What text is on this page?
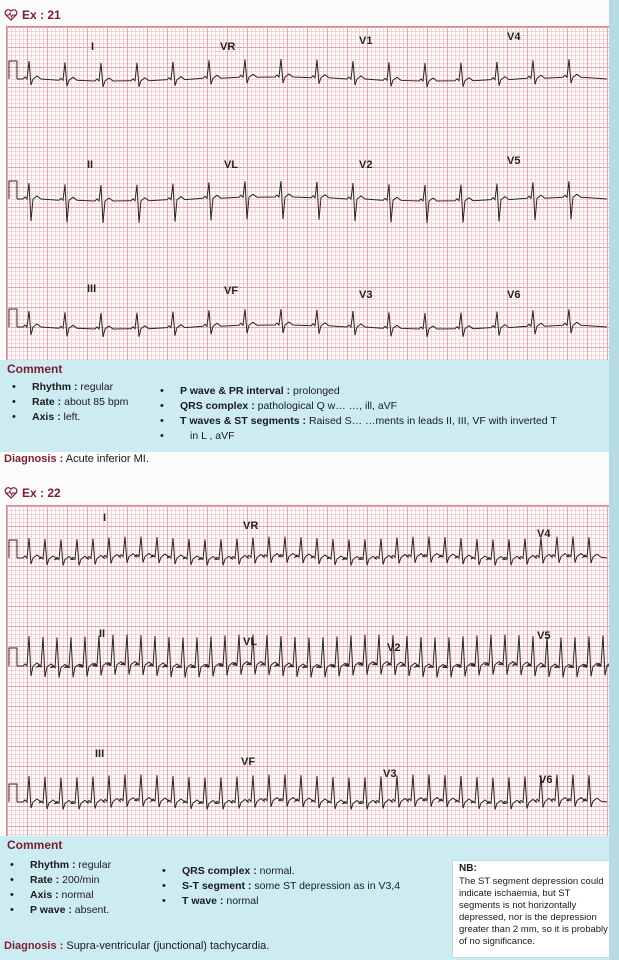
Ex : 21
I	VR	V1	V4
II	VL	V2	V5
III	VF	V3	V6
Comment
• Rhythm : regular
• Rate : about 85 bpm
• Axis : left.
• P wave & PR interval : prolonged
• QRS complex : pathological Q w… …, ill, aVF
• T waves & ST segments : Raised S… …ments in leads II, III, VF with inverted T
• in L , aVF
Diagnosis : Acute inferior MI.
Ex : 22
I
VR
V4
II
VL	V5
V2
III
VF
V3	V6
Comment
• Rhythm : regular
• Rate : 200/min
• Axis : normal
• P wave : absent.
• QRS complex : normal.
• S-T segment : some ST depression as in V3,4
• T wave : normal
NB:
The ST segment depression could indicate ischaemia, but ST segments is not horizontally depressed, nor is the depression greater than 2 mm, so it is probably of no significance.
Diagnosis : Supra-ventricular (junctional) tachycardia.
